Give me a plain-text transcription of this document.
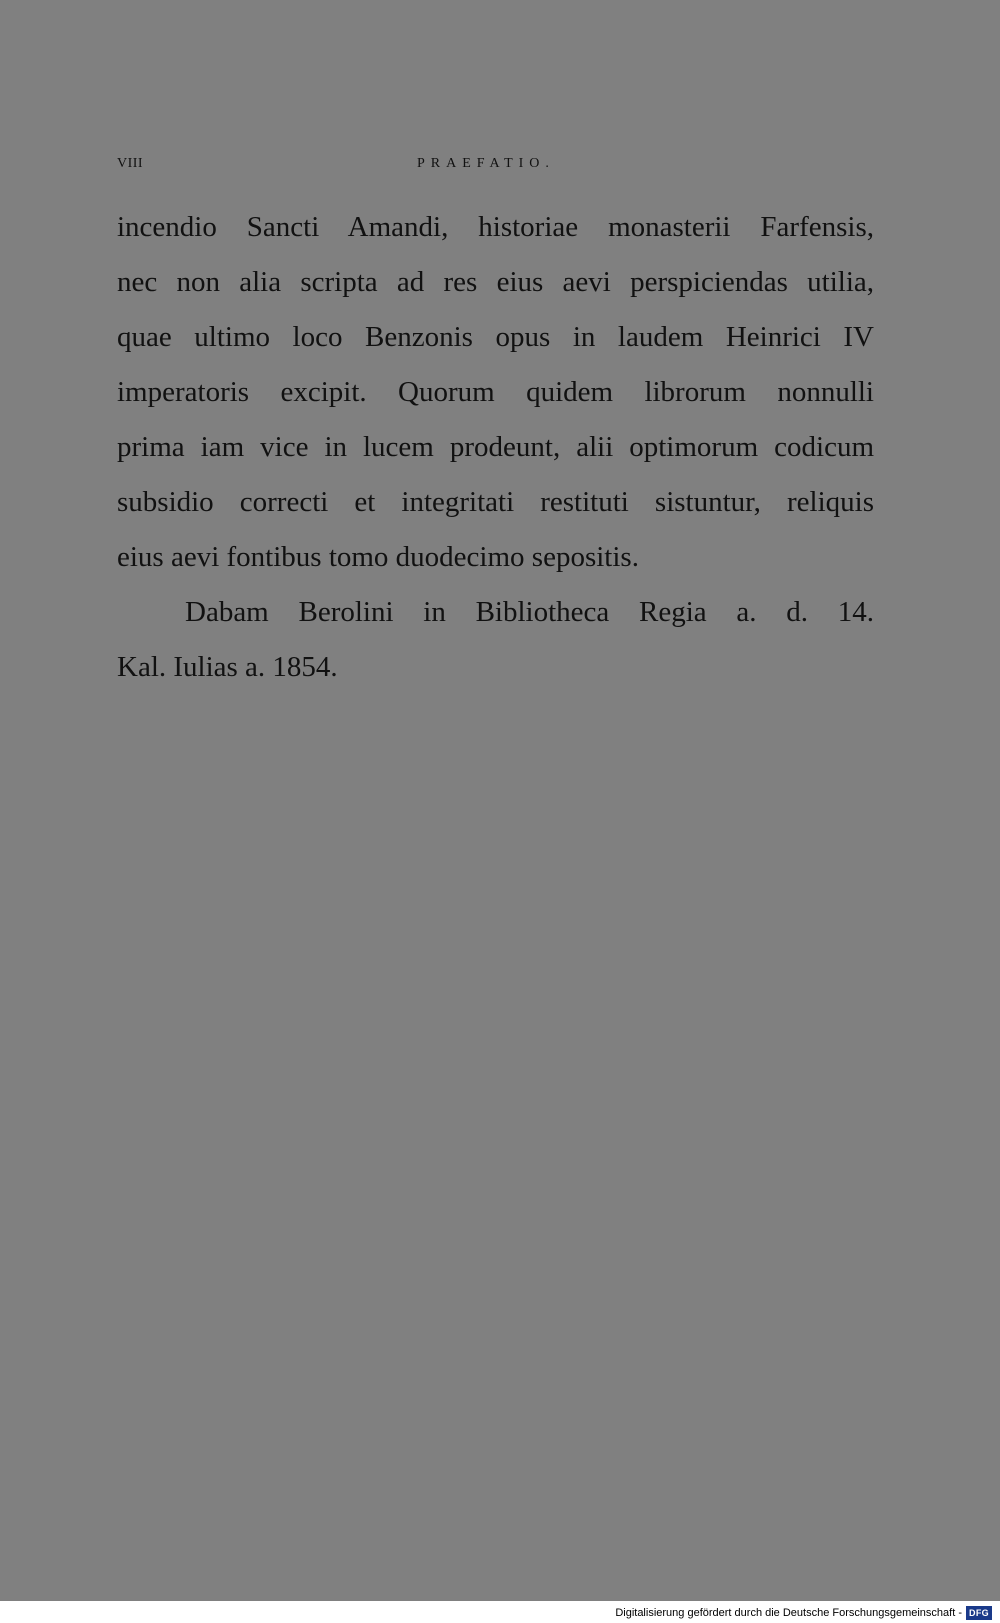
VIII	PRAEFATIO.

incendio Sancti Amandi, historiae monasterii Farfensis,
nec non alia scripta ad res eius aevi perspiciendas utilia,
quae ultimo loco Benzonis opus in laudem Heinrici IV
imperatoris excipit. Quorum quidem librorum nonnulli
prima iam vice in lucem prodeunt, alii optimorum codicum
subsidio correcti et integritati restituti sistuntur, reliquis
eius aevi fontibus tomo duodecimo sepositis.

Dabam Berolini in Bibliotheca Regia a. d. 14.
Kal. Iulias a. 1854.

Digitalisierung gefördert durch die Deutsche Forschungsgemeinschaft - DFG
